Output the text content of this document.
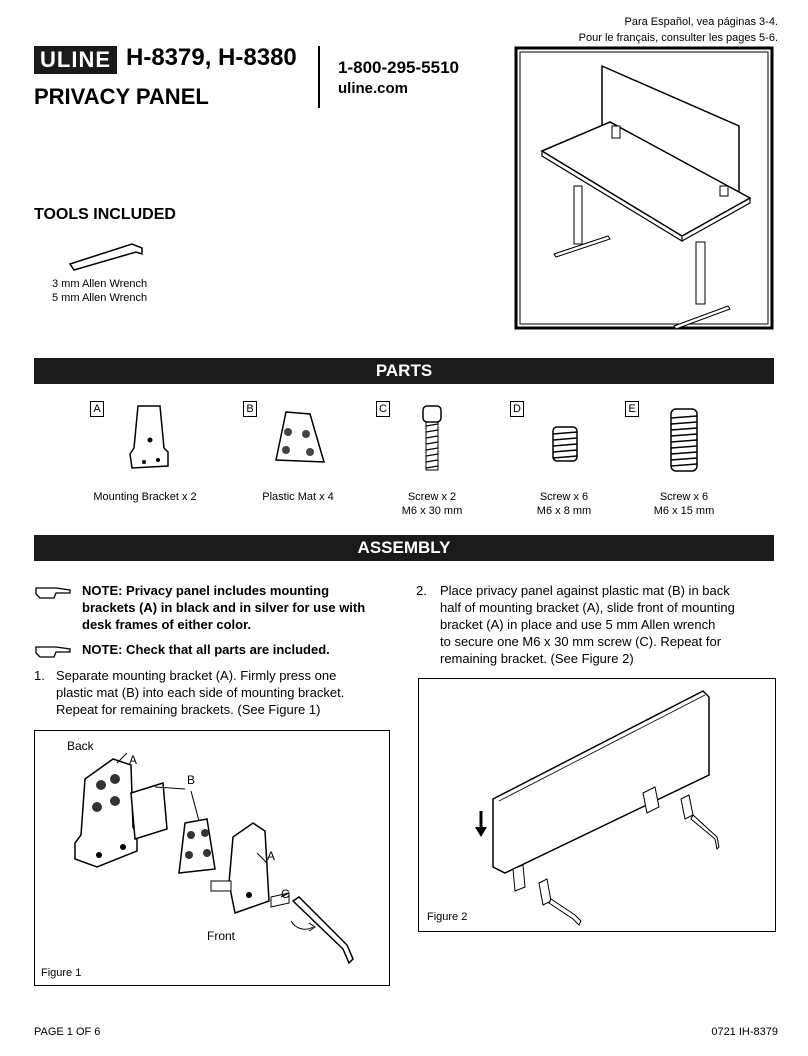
Para Español, vea páginas 3-4.
Pour le français, consulter les pages 5-6.
ULINE H-8379, H-8380
PRIVACY PANEL
1-800-295-5510
uline.com
TOOLS INCLUDED
3 mm Allen Wrench
5 mm Allen Wrench
PARTS
A
Mounting Bracket x 2
B
Plastic Mat x 4
C
Screw x 2
M6 x 30 mm
D
Screw x 6
M6 x 8 mm
E
Screw x 6
M6 x 15 mm
ASSEMBLY
NOTE: Privacy panel includes mounting
brackets (A) in black and in silver for use with
desk frames of either color.
NOTE: Check that all parts are included.
1. Separate mounting bracket (A). Firmly press one
plastic mat (B) into each side of mounting bracket.
Repeat for remaining brackets. (See Figure 1)
2. Place privacy panel against plastic mat (B) in back
half of mounting bracket (A), slide front of mounting
bracket (A) in place and use 5 mm Allen wrench
to secure one M6 x 30 mm screw (C). Repeat for
remaining bracket. (See Figure 2)
Back
A
B
A
C
Front
Figure 1
Figure 2
PAGE 1 OF 6	0721 IH-8379
